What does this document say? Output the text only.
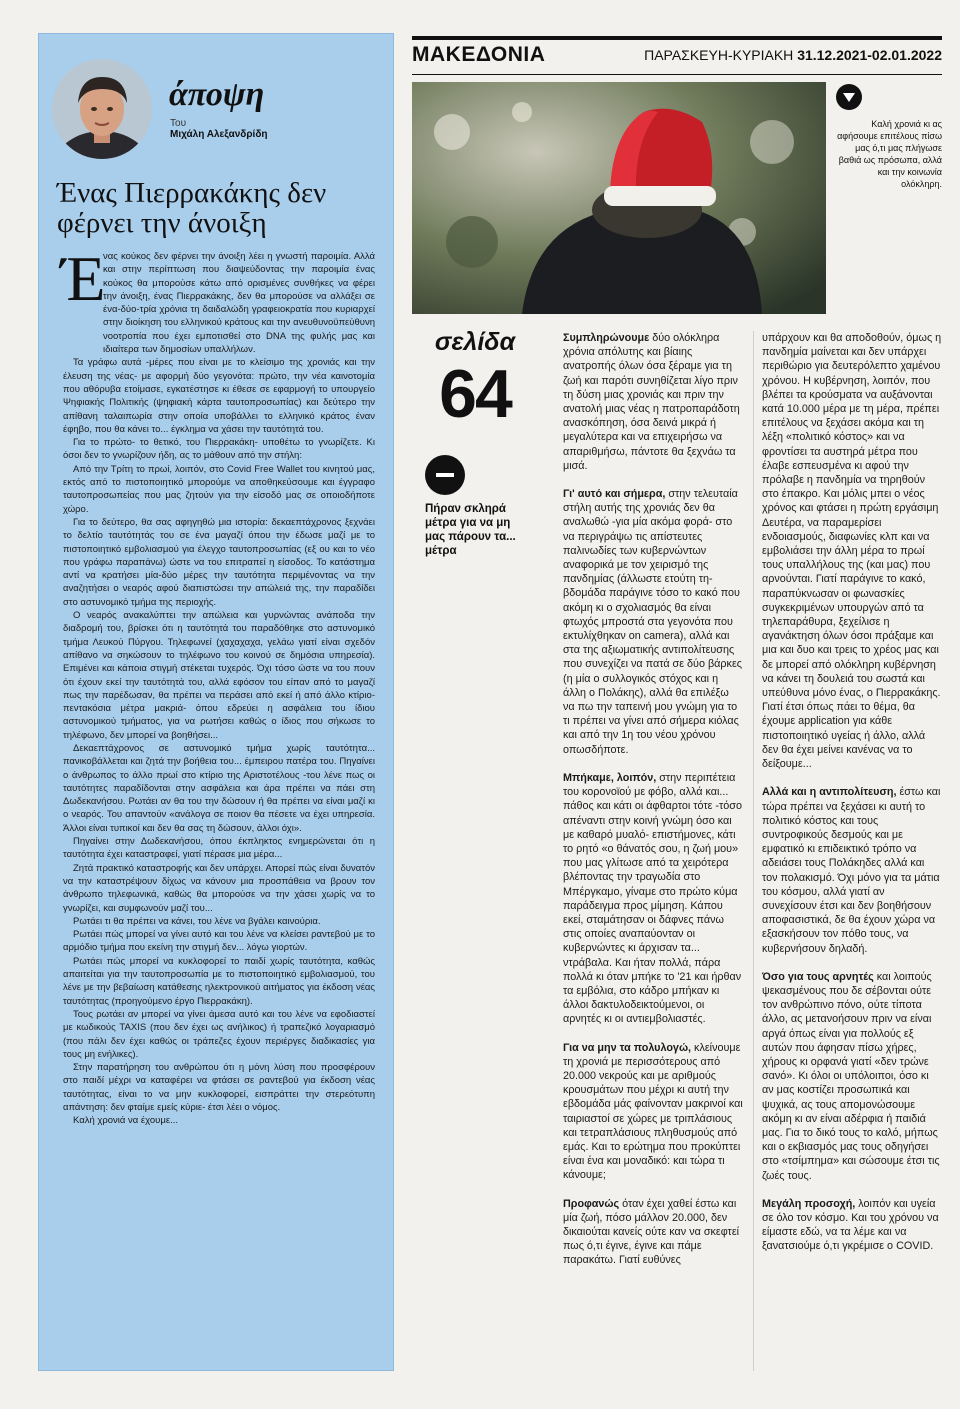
άποψη
Του
Μιχάλη Αλεξανδρίδη
Ένας Πιερρακάκης δεν φέρνει την άνοιξη
Έ

νας κούκος δεν φέρνει την άνοιξη λέει η γνωστή παροιμία. Αλλά και στην περίπτωση που διαψεύδοντας την παροιμία ένας κούκος θα μπορούσε κάτω από ορισμένες συνθήκες να φέρει την άνοιξη, ένας Πιερρακάκης, δεν θα μπορούσε να αλλάξει σε ένα-δύο-τρία χρόνια τη δαιδαλώδη γραφειοκρατία που κυριαρχεί στην διοίκηση του ελληνικού κράτους και την ανευθυνοϋπεύθυνη νοοτροπία που έχει εμποτισθεί στο DNA της φυλής μας και ιδιαίτερα των δημοσίων υπαλλήλων.

Τα γράφω αυτά -μέρες που είναι με το κλείσιμο της χρονιάς και την έλευση της νέας- με αφορμή δύο γεγονότα: πρώτο, την νέα καινοτομία που αθόρυβα ετοίμασε, εγκατέστησε κι έθεσε σε εφαρμογή το υπουργείο Ψηφιακής Πολιτικής (ψηφιακή κάρτα ταυτοπροσωπίας) και δεύτερο την απίθανη ταλαιπωρία στην οποία υποβάλλει το ελληνικό κράτος έναν έφηβο, που θα κάνει το... έγκλημα να χάσει την ταυτότητά του.

Για το πρώτο- το θετικό, του Πιερρακάκη- υποθέτω το γνωρίζετε. Κι όσοι δεν το γνωρίζουν ήδη, ας το μάθουν από την στήλη:

Από την Τρίτη το πρωί, λοιπόν, στο Covid Free Wallet του κινητού μας, εκτός από το πιστοποιητικό μπορούμε να αποθηκεύσουμε και έγγραφο ταυτοπροσωπείας που μας ζητούν για την είσοδό μας σε οποιοδήποτε χώρο.

Για το δεύτερο, θα σας αφηγηθώ μια ιστορία: δεκαεπτάχρονος ξεχνάει το δελτίο ταυτότητάς του σε ένα μαγαζί όπου την έδωσε μαζί με το πιστοποιητικό εμβολιασμού για έλεγχο ταυτοπροσωπίας (εξ ου και το νέο που γράφω παραπάνω) ώστε να του επιτραπεί η είσοδος. Το κατάστημα αντί να κρατήσει μία-δύο μέρες την ταυτότητα περιμένοντας να την αναζητήσει ο νεαρός αφού διαπιστώσει την απώλειά της, την παραδίδει στο αστυνομικό τμήμα της περιοχής.

Ο νεαρός ανακαλύπτει την απώλεια και γυρνώντας ανάποδα την διαδρομή του, βρίσκει ότι η ταυτότητά του παραδόθηκε στο αστυνομικό τμήμα Λευκού Πύργου. Τηλεφωνεί (χαχαχαχα, γελάω γιατί είναι σχεδόν απίθανο να σηκώσουν το τηλέφωνο του κοινού σε δημόσια υπηρεσία). Επιμένει και κάποια στιγμή στέκεται τυχερός. Όχι τόσο ώστε να του πουν ότι έχουν εκεί την ταυτότητά του, αλλά εφόσον του είπαν από το μαγαζί πως την παρέδωσαν, θα πρέπει να περάσει από εκεί ή από άλλο κτίριο- πεντακόσια μέτρα μακριά- όπου εδρεύει η ασφάλεια του ίδιου αστυνομικού τμήματος, για να ρωτήσει καθώς ο ίδιος που σήκωσε το τηλέφωνο, δεν μπορεί να βοηθήσει...

Δεκαεπτάχρονος σε αστυνομικό τμήμα χωρίς ταυτότητα... πανικοβάλλεται και ζητά την βοήθεια του... έμπειρου πατέρα του. Πηγαίνει ο άνθρωπος το άλλο πρωί στο κτίριο της Αριστοτέλους -του λένε πως οι ταυτότητες παραδίδονται στην ασφάλεια και άρα πρέπει να πάει στη Δωδεκανήσου. Ρωτάει αν θα του την δώσουν ή θα πρέπει να είναι μαζί κι ο νεαρός. Του απαντούν «ανάλογα σε ποιον θα πέσετε να έχει υπηρεσία. Άλλοι είναι τυπικοί και δεν θα σας τη δώσουν, άλλοι όχι».

Πηγαίνει στην Δωδεκανήσου, όπου έκπληκτος ενημερώνεται ότι η ταυτότητα έχει καταστραφεί, γιατί πέρασε μια μέρα...

Ζητά πρακτικό καταστροφής και δεν υπάρχει. Απορεί πώς είναι δυνατόν να την καταστρέψουν δίχως να κάνουν μια προσπάθεια να βρουν τον άνθρωπο τηλεφωνικά, καθώς θα μπορούσε να την χάσει χωρίς να το γνωρίζει, και συμφωνούν μαζί του...

Ρωτάει τι θα πρέπει να κάνει, του λένε να βγάλει καινούρια.

Ρωτάει πώς μπορεί να γίνει αυτό και του λένε να κλείσει ραντεβού με το αρμόδιο τμήμα που εκείνη την στιγμή δεν... λόγω γιορτών.

Ρωτάει πώς μπορεί να κυκλοφορεί το παιδί χωρίς ταυτότητα, καθώς απαιτείται για την ταυτοπροσωπία με το πιστοποιητικό εμβολιασμού, του λένε με την βεβαίωση κατάθεσης ηλεκτρονικού αιτήματος για έκδοση νέας ταυτότητας (προηγούμενο έργο Πιερρακάκη).

Τους ρωτάει αν μπορεί να γίνει άμεσα αυτό και του λένε να εφοδιαστεί με κωδικούς TAXIS (που δεν έχει ως ανήλικος) ή τραπεζικό λογαριασμό (που πάλι δεν έχει καθώς οι τράπεζες έχουν περιέργες διαδικασίες για τους μη ενήλικες).

Στην παρατήρηση του ανθρώπου ότι η μόνη λύση που προσφέρουν στο παιδί μέχρι να καταφέρει να φτάσει σε ραντεβού για έκδοση νέας ταυτότητας, είναι το να μην κυκλοφορεί, εισπράττει την στερεότυπη απάντηση: δεν φταίμε εμείς κύριε- έτσι λέει ο νόμος.

Καλή χρονιά να έχουμε...

ΜΑΚΕΔΟΝΙΑ	ΠΑΡΑΣΚΕΥΗ-ΚΥΡΙΑΚΗ 31.12.2021-02.01.2022
Καλή χρονιά κι ας αφήσουμε επιτέλους πίσω μας ό,τι μας πλήγωσε βαθιά ως πρόσωπα, αλλά και την κοινωνία ολόκληρη.
σελίδα
64
Πήραν σκληρά μέτρα για να μη μας πάρουν τα... μέτρα

Συμπληρώνουμε δύο ολόκληρα χρόνια απόλυτης και βίαιης ανατροπής όλων όσα ξέραμε για τη ζωή και παρότι συνηθίζεται λίγο πριν τη δύση μιας χρονιάς και πριν την ανατολή μιας νέας η πατροπαράδοτη ανασκόπηση, όσα δεινά μικρά ή μεγαλύτερα και να επιχειρήσω να απαριθμήσω, πάντοτε θα ξεχνάω τα μισά.

Γι' αυτό και σήμερα, στην τελευταία στήλη αυτής της χρονιάς δεν θα αναλωθώ -για μία ακόμα φορά- στο να περιγράψω τις απίστευτες παλινωδίες των κυβερνώντων αναφορικά με τον χειρισμό της πανδημίας (άλλωστε ετούτη τη-βδομάδα παράγινε τόσο το κακό που ακόμη κι ο σχολιασμός θα είναι φτωχός μπροστά στα γεγονότα που εκτυλίχθηκαν on camera), αλλά και στα της αξιωματικής αντιπολίτευσης που συνεχίζει να πατά σε δύο βάρκες (η μία ο συλλογικός στόχος και η άλλη ο Πολάκης), αλλά θα επιλέξω να πω την ταπεινή μου γνώμη για το τι πρέπει να γίνει από σήμερα κιόλας και από την 1η του νέου χρόνου οπωσδήποτε.

Μπήκαμε, λοιπόν, στην περιπέτεια του κορονοϊού με φόβο, αλλά και... πάθος και κάτι οι άφθαρτοι τότε -τόσο απέναντι στην κοινή γνώμη όσο και με καθαρό μυαλό- επιστήμονες, κάτι το ρητό «ο θάνατός σου, η ζωή μου» που μας γλίτωσε από τα χειρότερα βλέποντας την τραγωδία στο Μπέργκαμο, γίναμε στο πρώτο κύμα παράδειγμα προς μίμηση. Κάπου εκεί, σταμάτησαν οι δάφνες πάνω στις οποίες αναπαύονταν οι κυβερνώντες κι άρχισαν τα... ντράβαλα. Και ήταν πολλά, πάρα πολλά κι όταν μπήκε το '21 και ήρθαν τα εμβόλια, στο κάδρο μπήκαν κι άλλοι δακτυλοδεικτούμενοι, οι αρνητές κι οι αντιεμβολιαστές.

Για να μην τα πολυλογώ, κλείνουμε τη χρονιά με περισσότερους από 20.000 νεκρούς και με αριθμούς κρουσμάτων που μέχρι κι αυτή την εβδομάδα μάς φαίνονταν μακρινοί και ταιριαστοί σε χώρες με τριπλάσιους και τετραπλάσιους πληθυσμούς από εμάς. Και το ερώτημα που προκύπτει είναι ένα και μοναδικό: και τώρα τι κάνουμε;

Προφανώς όταν έχει χαθεί έστω και μία ζωή, πόσο μάλλον 20.000, δεν δικαιούται κανείς ούτε καν να σκεφτεί πως ό,τι έγινε, έγινε και πάμε παρακάτω. Γιατί ευθύνες

υπάρχουν και θα αποδοθούν, όμως η πανδημία μαίνεται και δεν υπάρχει περιθώριο για δευτερόλεπτο χαμένου χρόνου. Η κυβέρνηση, λοιπόν, που βλέπει τα κρούσματα να αυξάνονται κατά 10.000 μέρα με τη μέρα, πρέπει επιτέλους να ξεχάσει ακόμα και τη λέξη «πολιτικό κόστος» και να φροντίσει τα αυστηρά μέτρα που έλαβε εσπευσμένα κι αφού την πρόλαβε η πανδημία να τηρηθούν στο έπακρο. Και μόλις μπει ο νέος χρόνος και φτάσει η πρώτη εργάσιμη Δευτέρα, να παραμερίσει ενδοιασμούς, διαφωνίες κλπ και να εμβολιάσει την άλλη μέρα το πρωί τους υπαλλήλους της (και μας) που αρνούνται. Γιατί παράγινε το κακό, παραπύκνωσαν οι φωνασκίες συγκεκριμένων υπουργών από τα τηλεπαράθυρα, ξεχείλισε η αγανάκτηση όλων όσοι πράξαμε και μια και δυο και τρεις το χρέος μας και δε μπορεί από ολόκληρη κυβέρνηση να κάνει τη δουλειά του σωστά και υπεύθυνα μόνο ένας, ο Πιερρακάκης. Γιατί έτσι όπως πάει το θέμα, θα έχουμε application για κάθε πιστοποιητικό υγείας ή άλλο, αλλά δεν θα έχει μείνει κανένας να το δείξουμε...

Αλλά και η αντιπολίτευση, έστω και τώρα πρέπει να ξεχάσει κι αυτή το πολιτικό κόστος και τους συντροφικούς δεσμούς και με εμφατικό κι επιδεικτικό τρόπο να αδειάσει τους Πολάκηδες αλλά και τον πολακισμό. Όχι μόνο για τα μάτια του κόσμου, αλλά γιατί αν συνεχίσουν έτσι και δεν βοηθήσουν αποφασιστικά, δε θα έχουν χώρα να εξασκήσουν τον πόθο τους, να κυβερνήσουν δηλαδή.

Όσο για τους αρνητές και λοιπούς ψεκασμένους που δε σέβονται ούτε τον ανθρώπινο πόνο, ούτε τίποτα άλλο, ας μετανοήσουν πριν να είναι αργά όπως είναι για πολλούς εξ αυτών που άφησαν πίσω χήρες, χήρους κι ορφανά γιατί «δεν τρώνε σανό». Κι όλοι οι υπόλοιποι, όσο κι αν μας κοστίζει προσωπικά και ψυχικά, ας τους απομονώσουμε ακόμη κι αν είναι αδέρφια ή παιδιά μας. Για το δικό τους το καλό, μήπως και ο εκβιασμός μας τους οδηγήσει στο «τσίμπημα» και σώσουμε έτσι τις ζωές τους.

Μεγάλη προσοχή, λοιπόν και υγεία σε όλο τον κόσμο. Και του χρόνου να είμαστε εδώ, να τα λέμε και να ξανατσιούμε ό,τι γκρέμισε ο COVID.
